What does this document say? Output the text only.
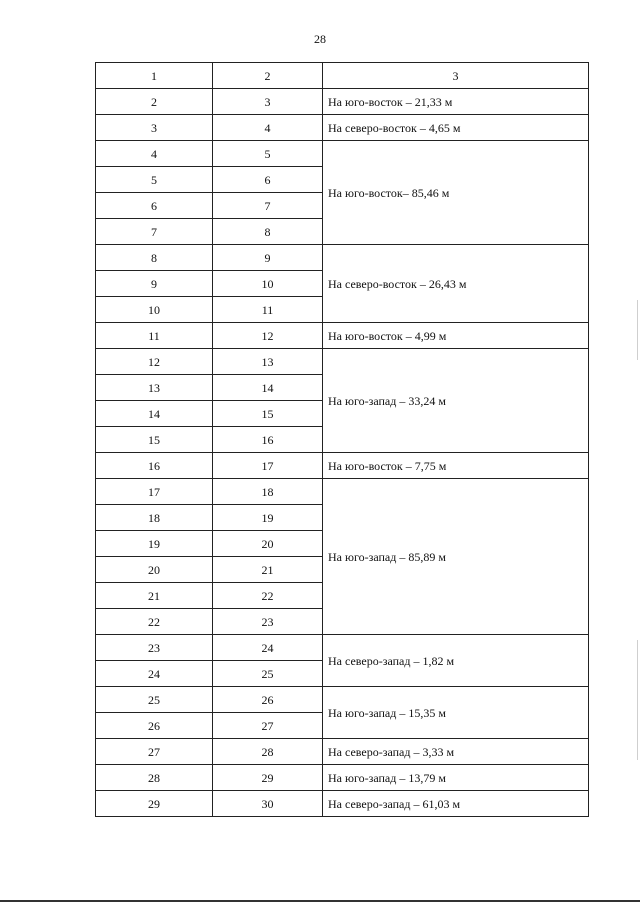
28
1	2	3
2	3	На юго-восток – 21,33 м
3	4	На северо-восток – 4,65 м
4	5	На юго-восток– 85,46 м
5	6	
6	7	
7	8	
8	9	На северо-восток – 26,43 м
9	10	
10	11	
11	12	На юго-восток – 4,99 м
12	13	На юго-запад – 33,24 м
13	14	
14	15	
15	16	
16	17	На юго-восток – 7,75 м
17	18	На юго-запад – 85,89 м
18	19	
19	20	
20	21	
21	22	
22	23	
23	24	На северо-запад – 1,82 м
24	25	
25	26	На юго-запад – 15,35 м
26	27	
27	28	На северо-запад – 3,33 м
28	29	На юго-запад – 13,79 м
29	30	На северо-запад – 61,03 м
